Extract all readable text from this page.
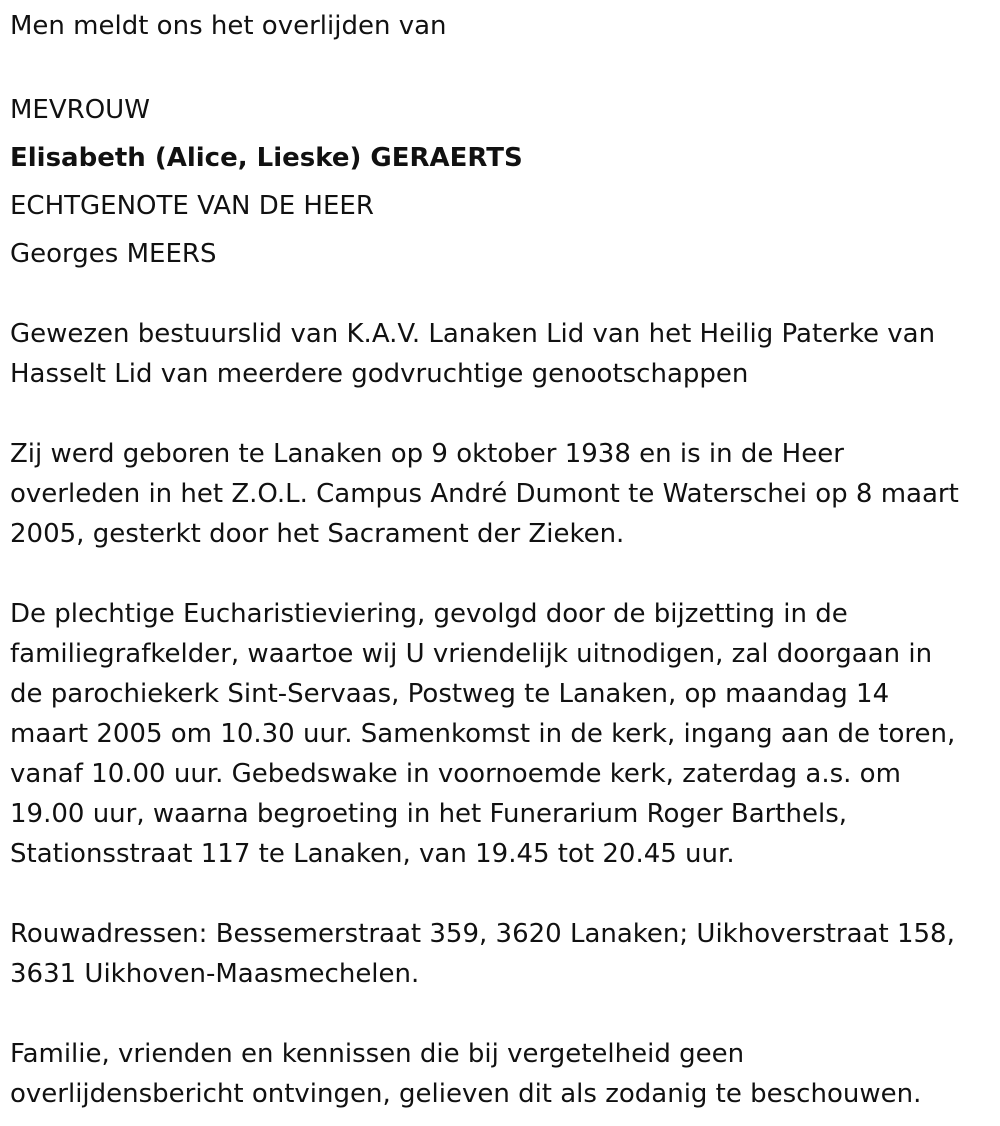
Men meldt ons het overlijden van

MEVROUW

Elisabeth (Alice, Lieske) GERAERTS

ECHTGENOTE VAN DE HEER

Georges MEERS

Gewezen bestuurslid van K.A.V. Lanaken Lid van het Heilig Paterke van

Hasselt Lid van meerdere godvruchtige genootschappen

Zij werd geboren te Lanaken op 9 oktober 1938 en is in de Heer

overleden in het Z.O.L. Campus André Dumont te Waterschei op 8 maart

2005, gesterkt door het Sacrament der Zieken.

De plechtige Eucharistieviering, gevolgd door de bijzetting in de

familiegrafkelder, waartoe wij U vriendelijk uitnodigen, zal doorgaan in

de parochiekerk Sint-Servaas, Postweg te Lanaken, op maandag 14

maart 2005 om 10.30 uur. Samenkomst in de kerk, ingang aan de toren,

vanaf 10.00 uur. Gebedswake in voornoemde kerk, zaterdag a.s. om

19.00 uur, waarna begroeting in het Funerarium Roger Barthels,

Stationsstraat 117 te Lanaken, van 19.45 tot 20.45 uur.

Rouwadressen: Bessemerstraat 359, 3620 Lanaken; Uikhoverstraat 158,

3631 Uikhoven-Maasmechelen.

Familie, vrienden en kennissen die bij vergetelheid geen

overlijdensbericht ontvingen, gelieven dit als zodanig te beschouwen.
